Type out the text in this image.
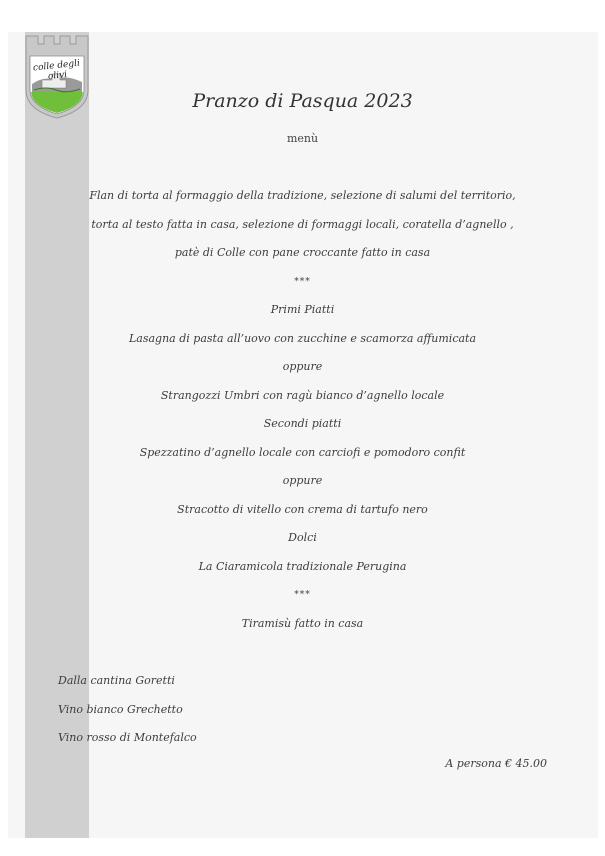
colle degli olivi
Pranzo di Pasqua 2023
menù
Flan di torta al formaggio della tradizione, selezione di salumi del territorio,
torta al testo fatta in casa, selezione di formaggi locali, coratella d’agnello ,
patè di Colle con pane croccante fatto in casa
***
Primi Piatti
Lasagna di pasta all’uovo con zucchine e scamorza affumicata
oppure
Strangozzi Umbri con ragù bianco d’agnello locale
Secondi piatti
Spezzatino d’agnello locale con carciofi e pomodoro confit
oppure
Stracotto di vitello con crema di tartufo nero
Dolci
La Ciaramicola tradizionale Perugina
***
Tiramisù fatto in casa
Dalla cantina Goretti
Vino bianco Grechetto
Vino rosso di Montefalco
A persona € 45.00
